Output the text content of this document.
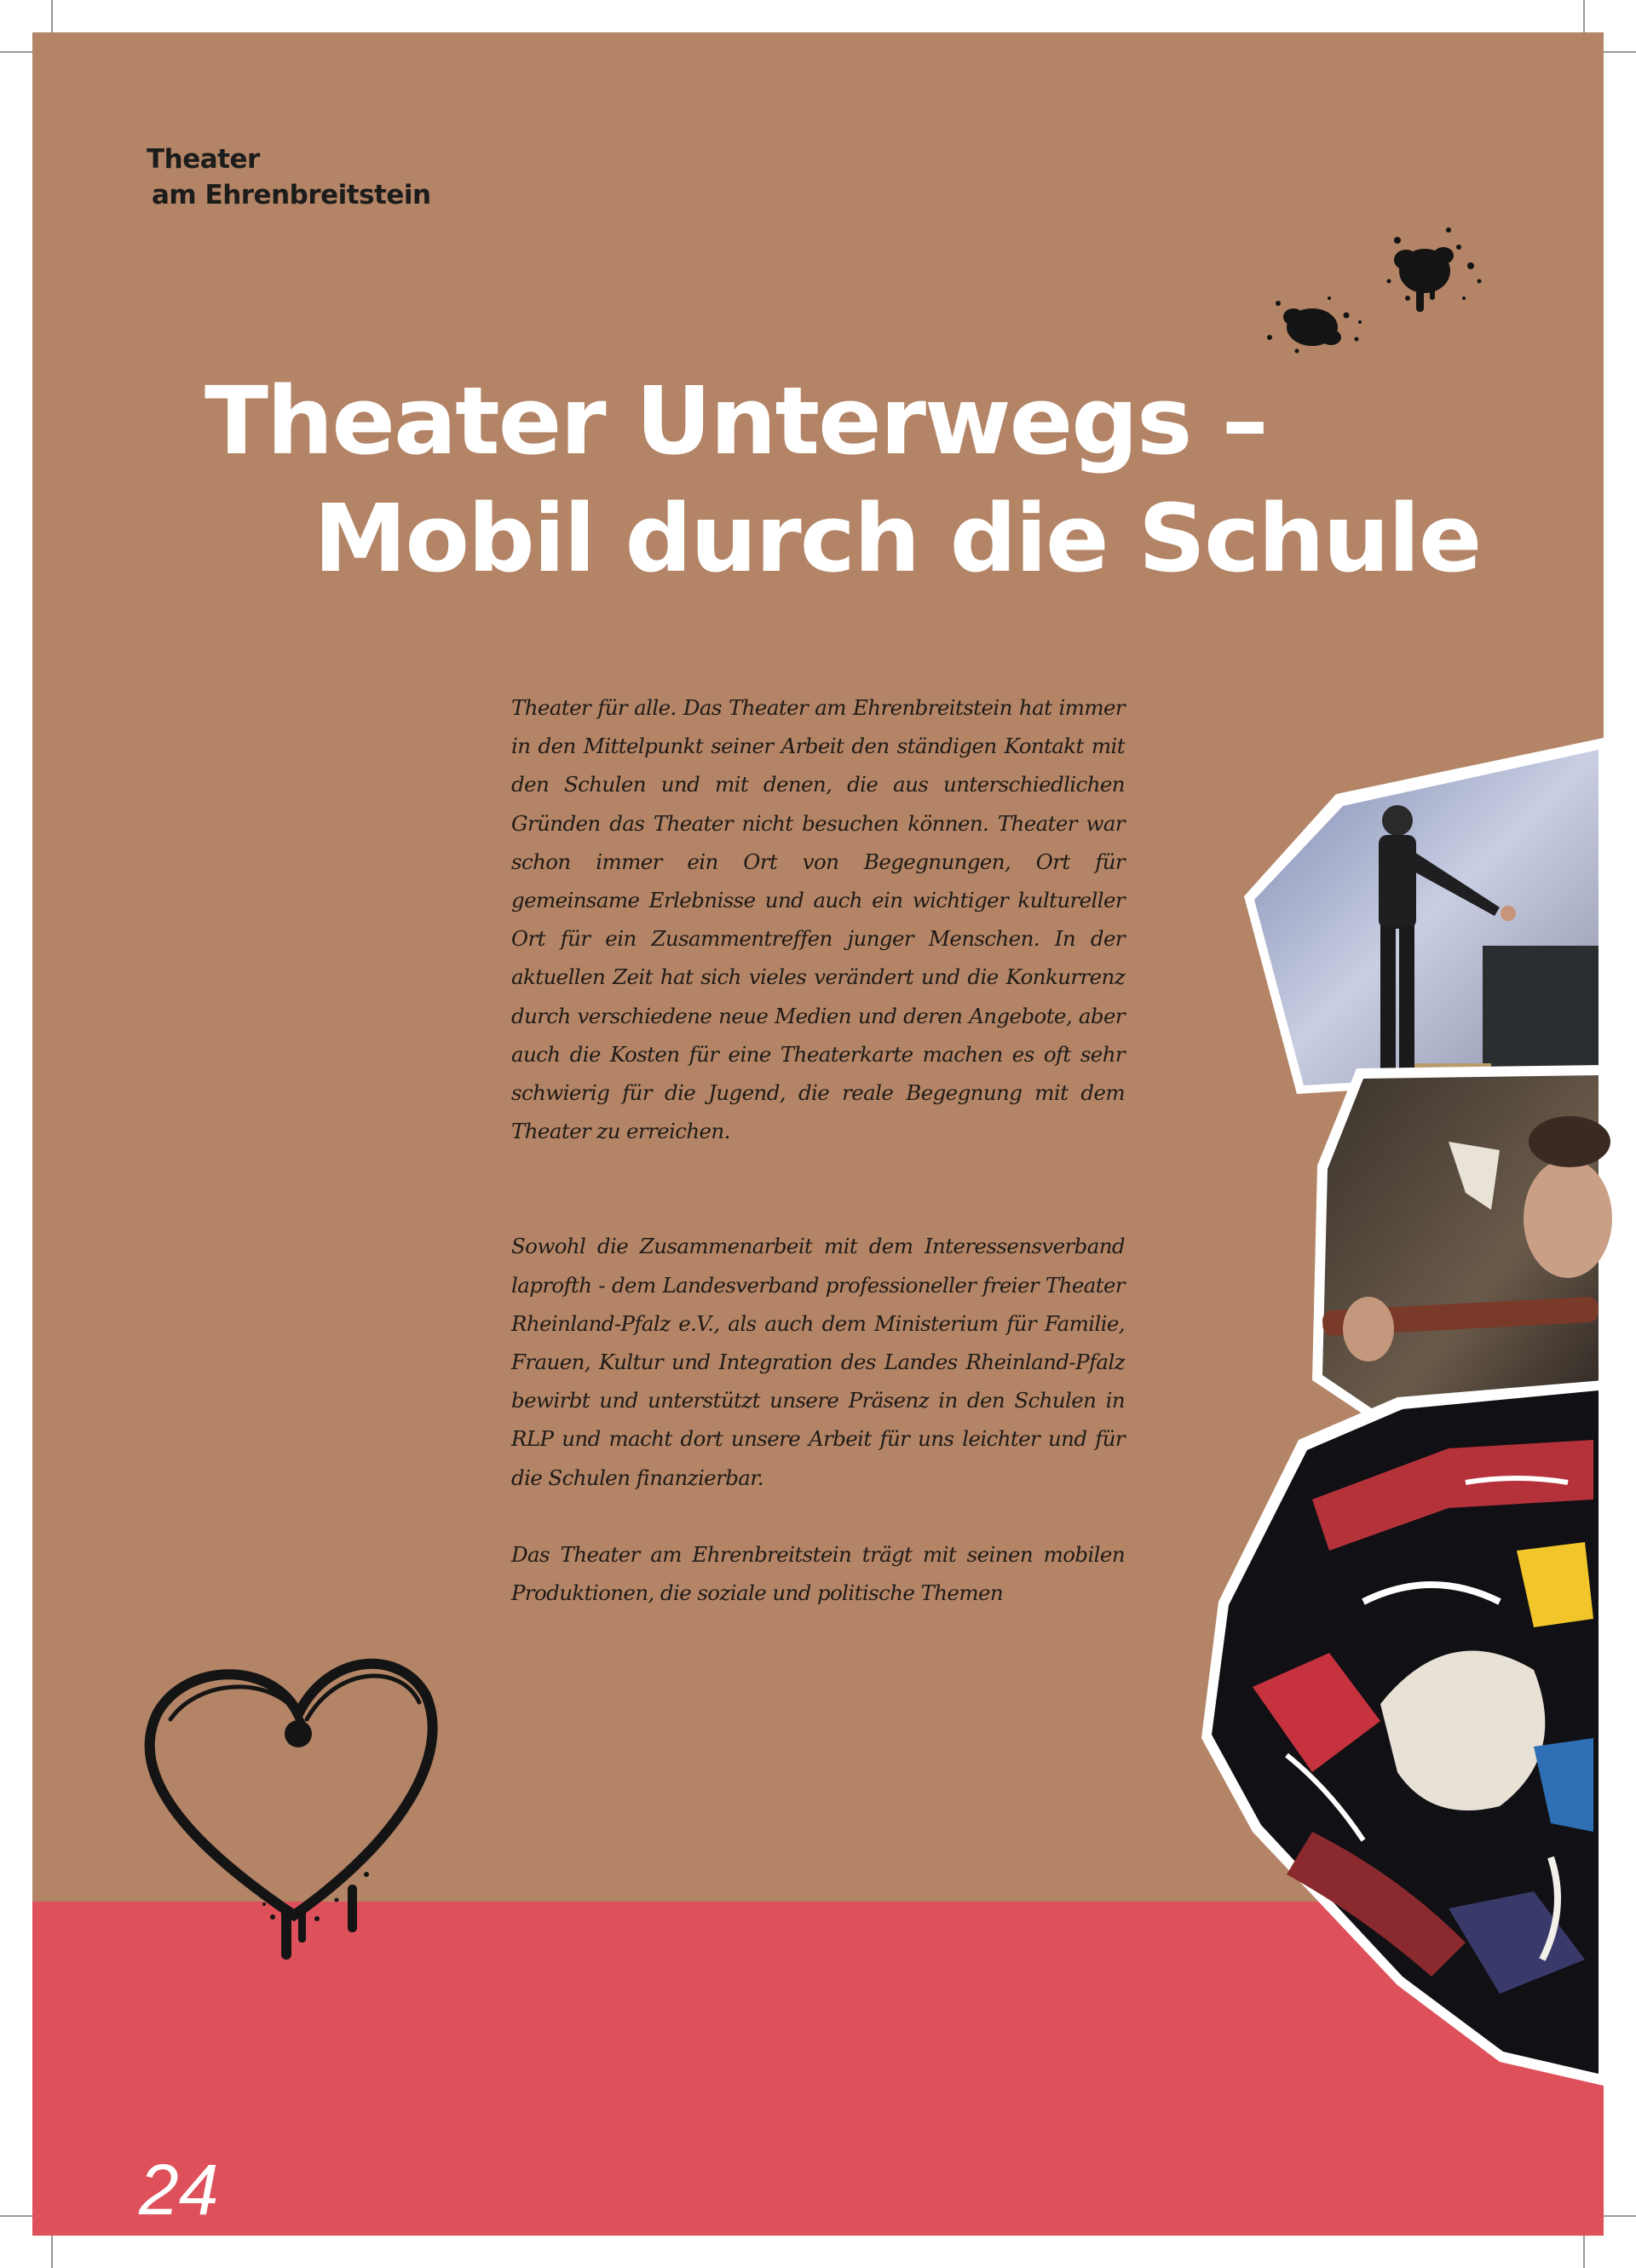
Theater
am Ehrenbreitstein
Theater Unterwegs –
Mobil durch die Schule

Theater für alle. Das Theater am Ehrenbreitstein hat immer in den Mittelpunkt seiner Arbeit den ständigen Kontakt mit den Schulen und mit denen, die aus unterschiedlichen Gründen das Theater nicht besuchen können. Theater war schon immer ein Ort von Begegnungen, Ort für gemeinsame Erlebnisse und auch ein wichtiger kultureller Ort für ein Zusammentreffen junger Menschen. In der aktuellen Zeit hat sich vieles verändert und die Konkurrenz durch verschiedene neue Medien und deren Angebote, aber auch die Kosten für eine Theaterkarte machen es oft sehr schwierig für die Jugend, die reale Begegnung mit dem Theater zu erreichen.

Sowohl die Zusammenarbeit mit dem Interessensverband laprofth - dem Landesverband professioneller freier Theater Rheinland-Pfalz e.V., als auch dem Ministerium für Familie, Frauen, Kultur und Integration des Landes Rheinland-Pfalz bewirbt und unterstützt unsere Präsenz in den Schulen in RLP und macht dort unsere Arbeit für uns leichter und für die Schulen finanzierbar.

Das Theater am Ehrenbreitstein trägt mit seinen mobilen Produktionen, die soziale und politische Themen

24
